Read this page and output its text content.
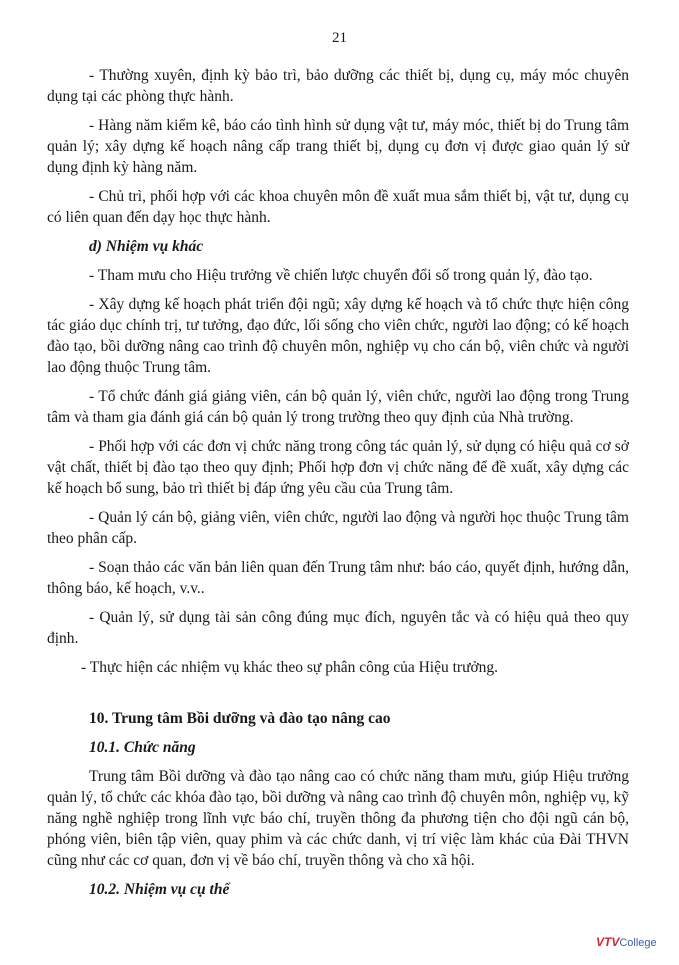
21

- Thường xuyên, định kỳ bảo trì, bảo dưỡng các thiết bị, dụng cụ, máy móc chuyên dụng tại các phòng thực hành.

- Hàng năm kiểm kê, báo cáo tình hình sử dụng vật tư, máy móc, thiết bị do Trung tâm quản lý; xây dựng kế hoạch nâng cấp trang thiết bị, dụng cụ đơn vị được giao quản lý sử dụng định kỳ hàng năm.

- Chủ trì, phối hợp với các khoa chuyên môn đề xuất mua sắm thiết bị, vật tư, dụng cụ có liên quan đến dạy học thực hành.

d) Nhiệm vụ khác

- Tham mưu cho Hiệu trưởng về chiến lược chuyển đổi số trong quản lý, đào tạo.

- Xây dựng kế hoạch phát triển đội ngũ; xây dựng kế hoạch và tổ chức thực hiện công tác giáo dục chính trị, tư tưởng, đạo đức, lối sống cho viên chức, người lao động; có kế hoạch đào tạo, bồi dưỡng nâng cao trình độ chuyên môn, nghiệp vụ cho cán bộ, viên chức và người lao động thuộc Trung tâm.

- Tổ chức đánh giá giảng viên, cán bộ quản lý, viên chức, người lao động trong Trung tâm và tham gia đánh giá cán bộ quản lý trong trường theo quy định của Nhà trường.

- Phối hợp với các đơn vị chức năng trong công tác quản lý, sử dụng có hiệu quả cơ sở vật chất, thiết bị đào tạo theo quy định; Phối hợp đơn vị chức năng để đề xuất, xây dựng các kế hoạch bổ sung, bảo trì thiết bị đáp ứng yêu cầu của Trung tâm.

- Quản lý cán bộ, giảng viên, viên chức, người lao động và người học thuộc Trung tâm theo phân cấp.

- Soạn thảo các văn bản liên quan đến Trung tâm như: báo cáo, quyết định, hướng dẫn, thông báo, kế hoạch, v.v..

- Quản lý, sử dụng tài sản công đúng mục đích, nguyên tắc và có hiệu quả theo quy định.

- Thực hiện các nhiệm vụ khác theo sự phân công của Hiệu trưởng.

10. Trung tâm Bồi dưỡng và đào tạo nâng cao

10.1. Chức năng

Trung tâm Bồi dưỡng và đào tạo nâng cao có chức năng tham mưu, giúp Hiệu trưởng quản lý, tổ chức các khóa đào tạo, bồi dưỡng và nâng cao trình độ chuyên môn, nghiệp vụ, kỹ năng nghề nghiệp trong lĩnh vực báo chí, truyền thông đa phương tiện cho đội ngũ cán bộ, phóng viên, biên tập viên, quay phim và các chức danh, vị trí việc làm khác của Đài THVN cũng như các cơ quan, đơn vị về báo chí, truyền thông và cho xã hội.

10.2. Nhiệm vụ cụ thể

VTVCollege
